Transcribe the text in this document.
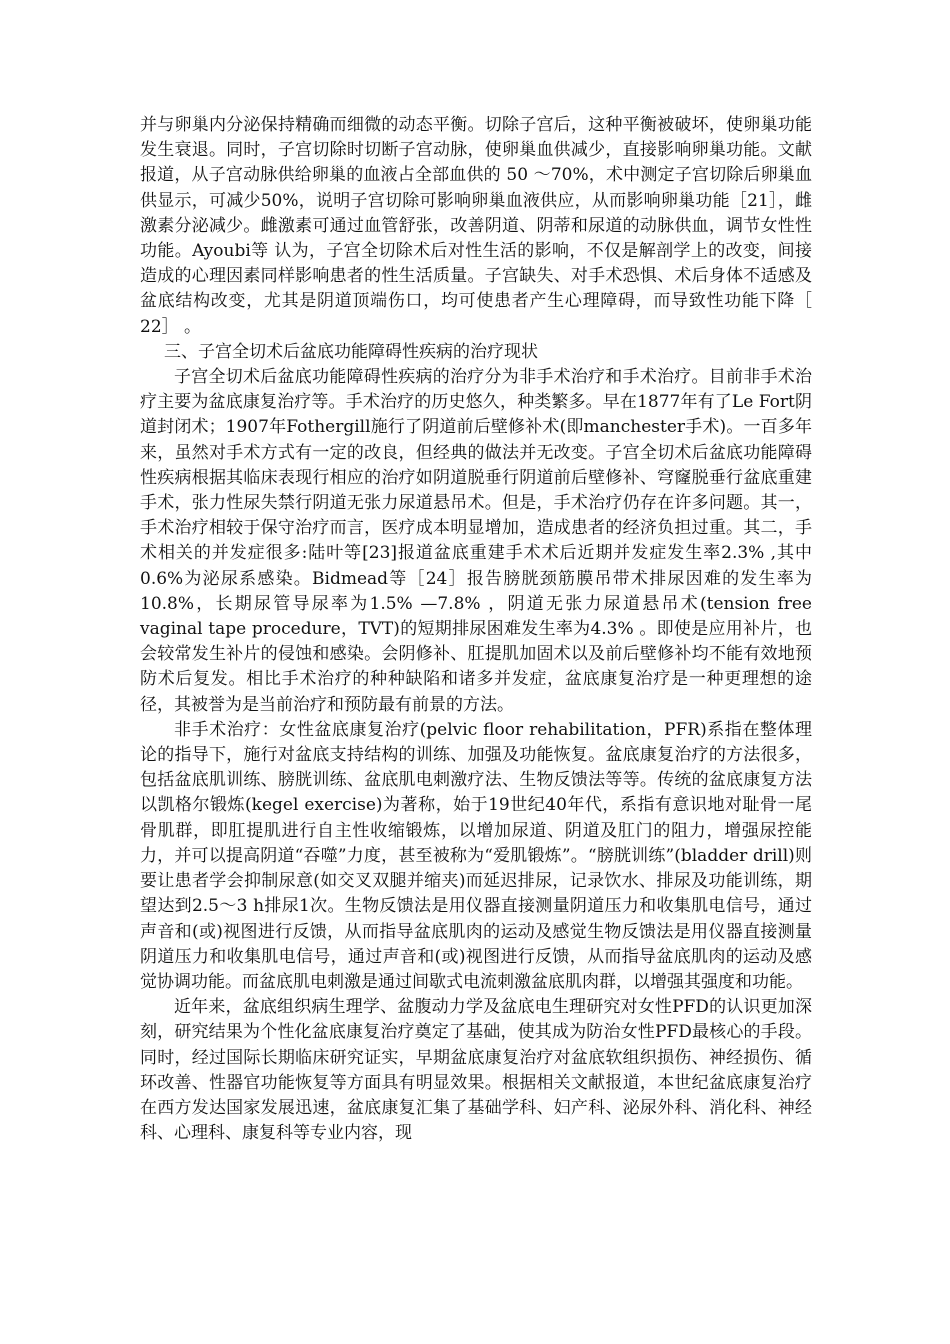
并与卵巢内分泌保持精确而细微的动态平衡。切除子宫后，这种平衡被破坏，使卵巢功能发生衰退。同时，子宫切除时切断子宫动脉，使卵巢血供减少，直接影响卵巢功能。文献报道，从子宫动脉供给卵巢的血液占全部血供的 50 ～70%，术中测定子宫切除后卵巢血供显示，可减少50%，说明子宫切除可影响卵巢血液供应，从而影响卵巢功能［21］，雌激素分泌减少。雌激素可通过血管舒张，改善阴道、阴蒂和尿道的动脉供血，调节女性性功能。Ayoubi等 认为，子宫全切除术后对性生活的影响，不仅是解剖学上的改变，间接造成的心理因素同样影响患者的性生活质量。子宫缺失、对手术恐惧、术后身体不适感及盆底结构改变，尤其是阴道顶端伤口，均可使患者产生心理障碍，而导致性功能下降［ 22］ 。

三、子宫全切术后盆底功能障碍性疾病的治疗现状

子宫全切术后盆底功能障碍性疾病的治疗分为非手术治疗和手术治疗。目前非手术治疗主要为盆底康复治疗等。手术治疗的历史悠久，种类繁多。早在1877年有了Le Fort阴道封闭术；1907年Fothergill施行了阴道前后壁修补术(即manchester手术)。一百多年来，虽然对手术方式有一定的改良，但经典的做法并无改变。子宫全切术后盆底功能障碍性疾病根据其临床表现行相应的治疗如阴道脱垂行阴道前后壁修补、穹窿脱垂行盆底重建手术，张力性尿失禁行阴道无张力尿道悬吊术。但是，手术治疗仍存在许多问题。其一，手术治疗相较于保守治疗而言，医疗成本明显增加，造成患者的经济负担过重。其二，手术相关的并发症很多:陆叶等[23]报道盆底重建手术术后近期并发症发生率2.3% ,其中0.6%为泌尿系感染。Bidmead等［24］报告膀胱颈筋膜吊带术排尿因难的发生率为10.8%，长期尿管导尿率为1.5% —7.8% ，阴道无张力尿道悬吊术(tension free vaginal tape procedure，TVT)的短期排尿困难发生率为4.3% 。即使是应用补片，也会较常发生补片的侵蚀和感染。会阴修补、肛提肌加固术以及前后壁修补均不能有效地预防术后复发。相比手术治疗的种种缺陷和诸多并发症，盆底康复治疗是一种更理想的途径，其被誉为是当前治疗和预防最有前景的方法。

非手术治疗：女性盆底康复治疗(pelvic floor rehabilitation，PFR)系指在整体理论的指导下，施行对盆底支持结构的训练、加强及功能恢复。盆底康复治疗的方法很多，包括盆底肌训练、膀胱训练、盆底肌电刺激疗法、生物反馈法等等。传统的盆底康复方法以凯格尔锻炼(kegel exercise)为著称，始于19世纪40年代，系指有意识地对耻骨一尾骨肌群，即肛提肌进行自主性收缩锻炼，以增加尿道、阴道及肛门的阻力，增强尿控能力，并可以提高阴道“吞噬”力度，甚至被称为“爱肌锻炼”。“膀胱训练”(bladder drill)则要让患者学会抑制尿意(如交叉双腿并缩夹)而延迟排尿，记录饮水、排尿及功能训练，期望达到2.5～3 h排尿1次。生物反馈法是用仪器直接测量阴道压力和收集肌电信号，通过声音和(或)视图进行反馈，从而指导盆底肌肉的运动及感觉生物反馈法是用仪器直接测量阴道压力和收集肌电信号，通过声音和(或)视图进行反馈，从而指导盆底肌肉的运动及感觉协调功能。而盆底肌电刺激是通过间歇式电流刺激盆底肌肉群，以增强其强度和功能。

近年来，盆底组织病生理学、盆腹动力学及盆底电生理研究对女性PFD的认识更加深刻，研究结果为个性化盆底康复治疗奠定了基础，使其成为防治女性PFD最核心的手段。同时，经过国际长期临床研究证实，早期盆底康复治疗对盆底软组织损伤、神经损伤、循环改善、性器官功能恢复等方面具有明显效果。根据相关文献报道，本世纪盆底康复治疗在西方发达国家发展迅速，盆底康复汇集了基础学科、妇产科、泌尿外科、消化科、神经科、心理科、康复科等专业内容，现
